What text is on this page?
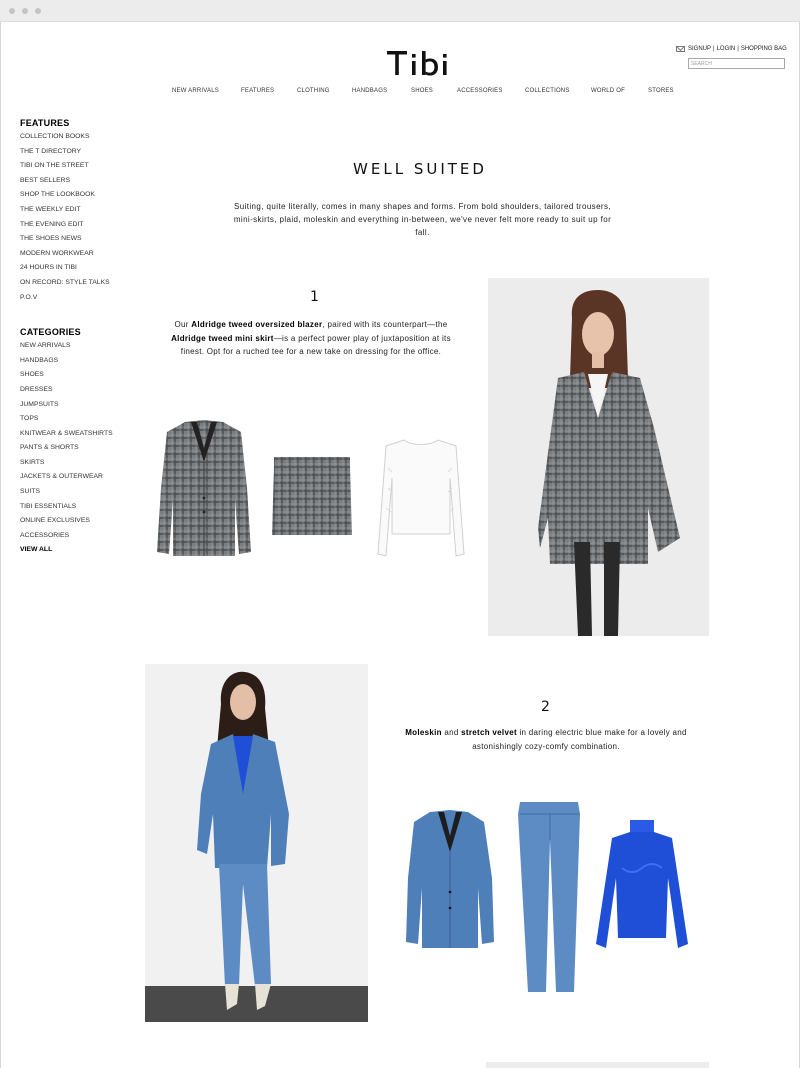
SIGNUP | LOGIN | SHOPPING BAG
SEARCH
NEW ARRIVALS	FEATURES	CLOTHING	HANDBAGS	SHOES	ACCESSORIES	COLLECTIONS	WORLD OF	STORES
FEATURES
COLLECTION BOOKS
THE T DIRECTORY
TIBI ON THE STREET
BEST SELLERS
SHOP THE LOOKBOOK
THE WEEKLY EDIT
THE EVENING EDIT
THE SHOES NEWS
MODERN WORKWEAR
24 HOURS IN TIBI
ON RECORD: STYLE TALKS
P.O.V
CATEGORIES
NEW ARRIVALS
HANDBAGS
SHOES
DRESSES
JUMPSUITS
TOPS
KNITWEAR & SWEATSHIRTS
PANTS & SHORTS
SKIRTS
JACKETS & OUTERWEAR
SUITS
TIBI ESSENTIALS
ONLINE EXCLUSIVES
ACCESSORIES
VIEW ALL
WELL SUITED

Suiting, quite literally, comes in many shapes and forms. From bold shoulders, tailored trousers, mini-skirts, plaid, moleskin and everything in-between, we've never felt more ready to suit up for fall.

1

Our Aldridge tweed oversized blazer, paired with its counterpart—the Aldridge tweed mini skirt—is a perfect power play of juxtaposition at its finest. Opt for a ruched tee for a new take on dressing for the office.

2

Moleskin and stretch velvet in daring electric blue make for a lovely and astonishingly cozy-comfy combination.
